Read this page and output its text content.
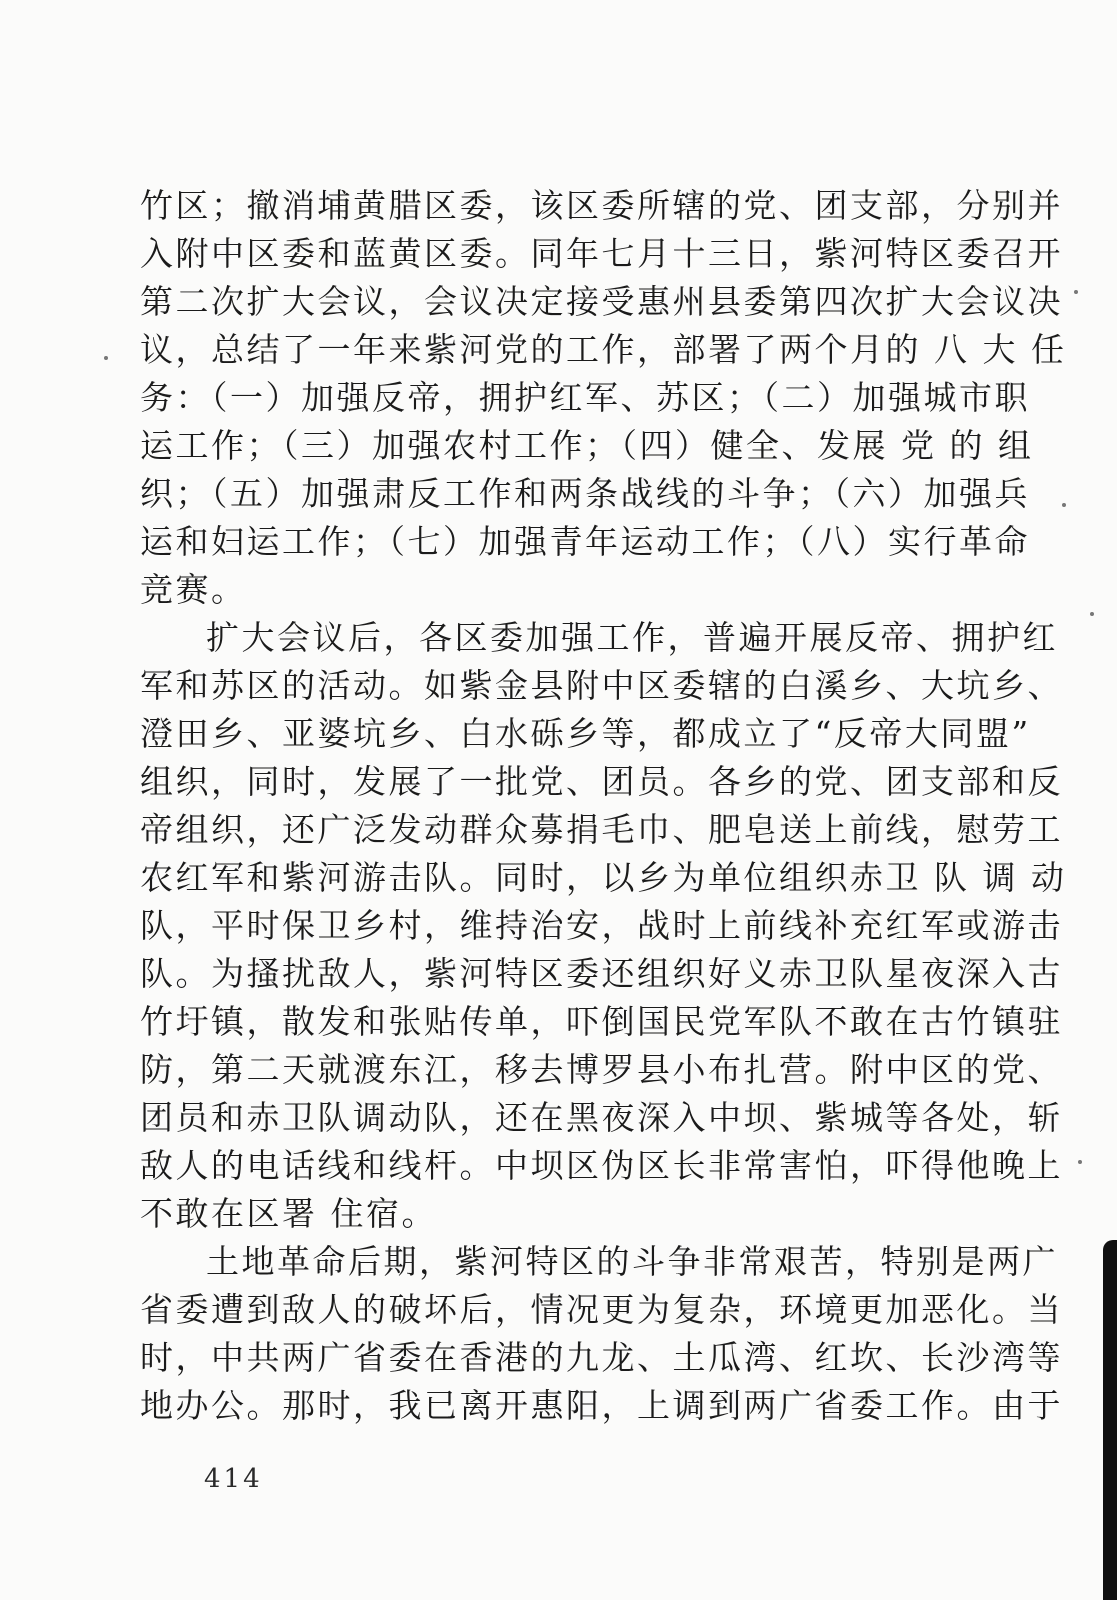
竹区；撤消埔黄腊区委，该区委所辖的党、团支部，分别并
入附中区委和蓝黄区委。同年七月十三日，紫河特区委召开
第二次扩大会议，会议决定接受惠州县委第四次扩大会议决
议，总结了一年来紫河党的工作，部署了两个月的 八 大 任
务：（一）加强反帝，拥护红军、苏区；（二）加强城市职
运工作；（三）加强农村工作；（四）健全、发展 党 的 组
织；（五）加强肃反工作和两条战线的斗争；（六）加强兵
运和妇运工作；（七）加强青年运动工作；（八）实行革命
竞赛。
扩大会议后，各区委加强工作，普遍开展反帝、拥护红
军和苏区的活动。如紫金县附中区委辖的白溪乡、大坑乡、
澄田乡、亚婆坑乡、白水砾乡等，都成立了“反帝大同盟”
组织，同时，发展了一批党、团员。各乡的党、团支部和反
帝组织，还广泛发动群众募捐毛巾、肥皂送上前线，慰劳工
农红军和紫河游击队。同时，以乡为单位组织赤卫 队 调 动
队，平时保卫乡村，维持治安，战时上前线补充红军或游击
队。为搔扰敌人，紫河特区委还组织好义赤卫队星夜深入古
竹圩镇，散发和张贴传单，吓倒国民党军队不敢在古竹镇驻
防，第二天就渡东江，移去博罗县小布扎营。附中区的党、
团员和赤卫队调动队，还在黑夜深入中坝、紫城等各处，斩
敌人的电话线和线杆。中坝区伪区长非常害怕，吓得他晚上
不敢在区署 住宿。
土地革命后期，紫河特区的斗争非常艰苦，特别是两广
省委遭到敌人的破坏后，情况更为复杂，环境更加恶化。当
时，中共两广省委在香港的九龙、土瓜湾、红坎、长沙湾等
地办公。那时，我已离开惠阳，上调到两广省委工作。由于
414
